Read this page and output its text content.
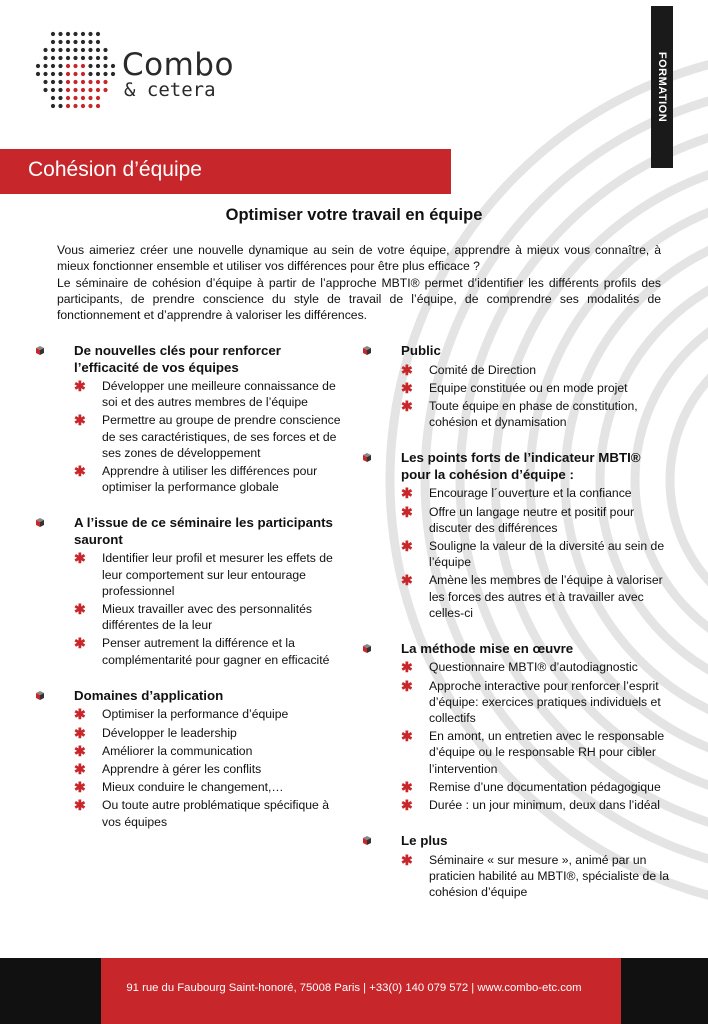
Combo
& cetera	FORMATION
Cohésion d’équipe
Optimiser votre travail en équipe

Vous aimeriez créer une nouvelle dynamique au sein de votre équipe, apprendre à mieux vous connaître, à mieux fonctionner ensemble et utiliser vos différences pour être plus efficace ?

Le séminaire de cohésion d’équipe à partir de l’approche MBTI® permet d’identifier les différents profils des participants, de prendre conscience du style de travail de l’équipe, de comprendre ses modalités de fonctionnement et d’apprendre à valoriser les différences.

De nouvelles clés pour renforcer l’efficacité de vos équipes
✱ Développer une meilleure connaissance de soi et des autres membres de l’équipe
✱ Permettre au groupe de prendre conscience de ses caractéristiques, de ses forces et de ses zones de développement
✱ Apprendre à utiliser les différences pour optimiser la performance globale
A l’issue de ce séminaire les participants sauront
✱ Identifier leur profil et mesurer les effets de leur comportement sur leur entourage professionnel
✱ Mieux travailler avec des personnalités différentes de la leur
✱ Penser autrement la différence et la complémentarité pour gagner en efficacité
Domaines d’application
✱ Optimiser la performance d’équipe
✱ Développer le leadership
✱ Améliorer la communication
✱ Apprendre à gérer les conflits
✱ Mieux conduire le changement,…
✱ Ou toute autre problématique spécifique à vos équipes
Public
✱ Comité de Direction
✱ Equipe constituée ou en mode projet
✱ Toute équipe en phase de constitution, cohésion et dynamisation
Les points forts de l’indicateur MBTI® pour la cohésion d’équipe :
✱ Encourage l´ouverture et la confiance
✱ Offre un langage neutre et positif pour discuter des différences
✱ Souligne la valeur de la diversité au sein de l’équipe
✱ Amène les membres de l’équipe à valoriser les forces des autres et à travailler avec celles-ci
La méthode mise en œuvre
✱ Questionnaire MBTI® d’autodiagnostic
✱ Approche interactive pour renforcer l’esprit d’équipe: exercices pratiques individuels et collectifs
✱ En amont, un entretien avec le responsable d’équipe ou le responsable RH pour cibler l’intervention
✱ Remise d’une documentation pédagogique
✱ Durée : un jour minimum, deux dans l’idéal
Le plus
✱ Séminaire « sur mesure », animé par un praticien habilité au MBTI®, spécialiste de la cohésion d’équipe
91 rue du Faubourg Saint-honoré, 75008 Paris | +33(0) 140 079 572 | www.combo-etc.com
